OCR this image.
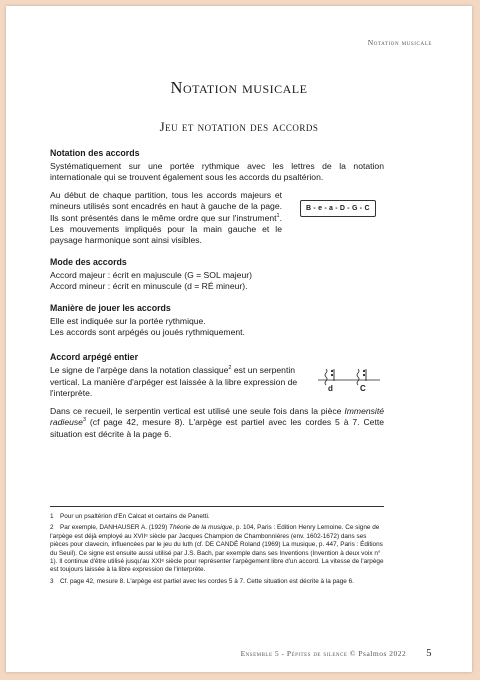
Notation musicale
Notation musicale
Jeu et notation des accords
Notation des accords

Systématiquement sur une portée rythmique avec les lettres de la notation internationale qui se trouvent également sous les accords du psaltérion.

Au début de chaque partition, tous les accords majeurs et mineurs utilisés sont encadrés en haut à gauche de la page. Ils sont présentés dans le même ordre que sur l'instrument$^1$. Les mouvements impliqués pour la main gauche et le paysage harmonique sont ainsi visibles.

B - e - a - D - G - C
Mode des accords
Accord majeur : écrit en majuscule (G = SOL majeur)
Accord mineur : écrit en minuscule (d = RÉ mineur).
Manière de jouer les accords
Elle est indiquée sur la portée rythmique.
Les accords sont arpégés ou joués rythmiquement.
Accord arpégé entier

Le signe de l'arpège dans la notation classique$^2$ est un serpentin vertical. La manière d'arpéger est laissée à la libre expression de l'interprète.	d	C

Dans ce recueil, le serpentin vertical est utilisé une seule fois dans la pièce Immensité radieuse$^3$ (cf page 42, mesure 8). L'arpège est partiel avec les cordes 5 à 7. Cette situation est décrite à la page 6.

1 Pour un psaltérion d'En Calcat et certains de Panetti.
2 Par exemple, DANHAUSER A. (1929) Théorie de la musique, p. 104, Paris : Edition Henry Lemoine. Ce signe de l'arpège est déjà employé au XVIIᵉ siècle par Jacques Champion de Chambonnières (env. 1602-1672) dans ses pièces pour clavecin, influencées par le jeu du luth (cf. DE CANDÉ Roland (1969) La musique, p. 447, Paris : Éditions du Seuil). Ce signe est ensuite aussi utilisé par J.S. Bach, par exemple dans ses Inventions (Invention à deux voix n° 1). Il continue d'être utilisé jusqu'au XXIᵉ siècle pour représenter l'arpègement libre d'un accord. La vitesse de l'arpège est toujours laissée à la libre expression de l'interprète.
3 Cf. page 42, mesure 8. L'arpège est partiel avec les cordes 5 à 7. Cette situation est décrite à la page 6.
Ensemble 5 - Pépites de silence © Psalmos 2022 5
